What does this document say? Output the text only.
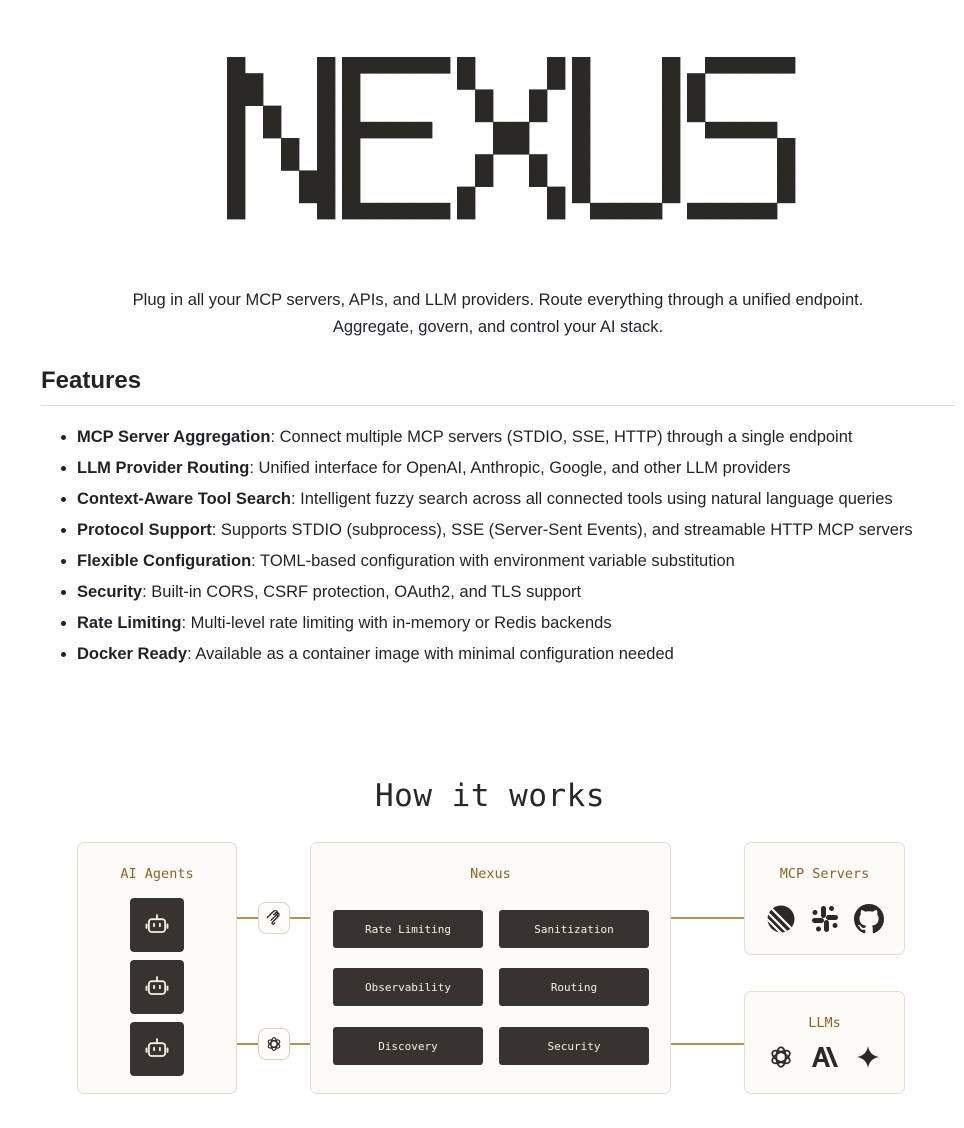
Plug in all your MCP servers, APIs, and LLM providers. Route everything through a unified endpoint.
Aggregate, govern, and control your AI stack.
Features
• MCP Server Aggregation: Connect multiple MCP servers (STDIO, SSE, HTTP) through a single endpoint
• LLM Provider Routing: Unified interface for OpenAI, Anthropic, Google, and other LLM providers
• Context-Aware Tool Search: Intelligent fuzzy search across all connected tools using natural language queries
• Protocol Support: Supports STDIO (subprocess), SSE (Server-Sent Events), and streamable HTTP MCP servers
• Flexible Configuration: TOML-based configuration with environment variable substitution
• Security: Built-in CORS, CSRF protection, OAuth2, and TLS support
• Rate Limiting: Multi-level rate limiting with in-memory or Redis backends
• Docker Ready: Available as a container image with minimal configuration needed
How it works
AI Agents	Nexus
Rate Limiting	Sanitization
Observability	Routing
Discovery	Security
MCP Servers
LLMs
